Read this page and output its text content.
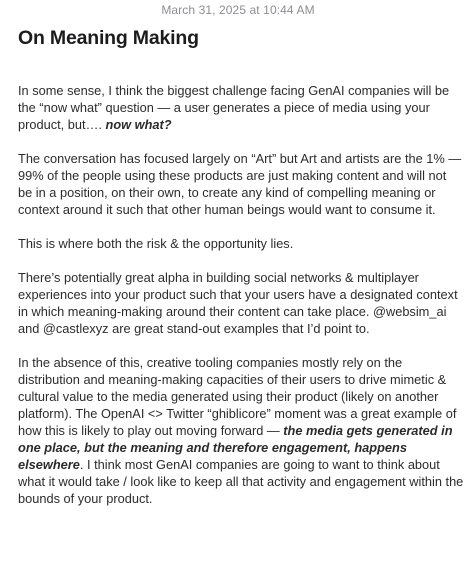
March 31, 2025 at 10:44 AM
On Meaning Making

In some sense, I think the biggest challenge facing GenAI companies will be the “now what” question — a user generates a piece of media using your product, but…. now what?

The conversation has focused largely on “Art” but Art and artists are the 1% — 99% of the people using these products are just making content and will not be in a position, on their own, to create any kind of compelling meaning or context around it such that other human beings would want to consume it.

This is where both the risk & the opportunity lies.

There’s potentially great alpha in building social networks & multiplayer experiences into your product such that your users have a designated context in which meaning-making around their content can take place. @websim_ai and @castlexyz are great stand-out examples that I’d point to.

In the absence of this, creative tooling companies mostly rely on the distribution and meaning-making capacities of their users to drive mimetic & cultural value to the media generated using their product (likely on another platform). The OpenAI <> Twitter “ghiblicore” moment was a great example of how this is likely to play out moving forward — the media gets generated in one place, but the meaning and therefore engagement, happens elsewhere. I think most GenAI companies are going to want to think about what it would take / look like to keep all that activity and engagement within the bounds of your product.
